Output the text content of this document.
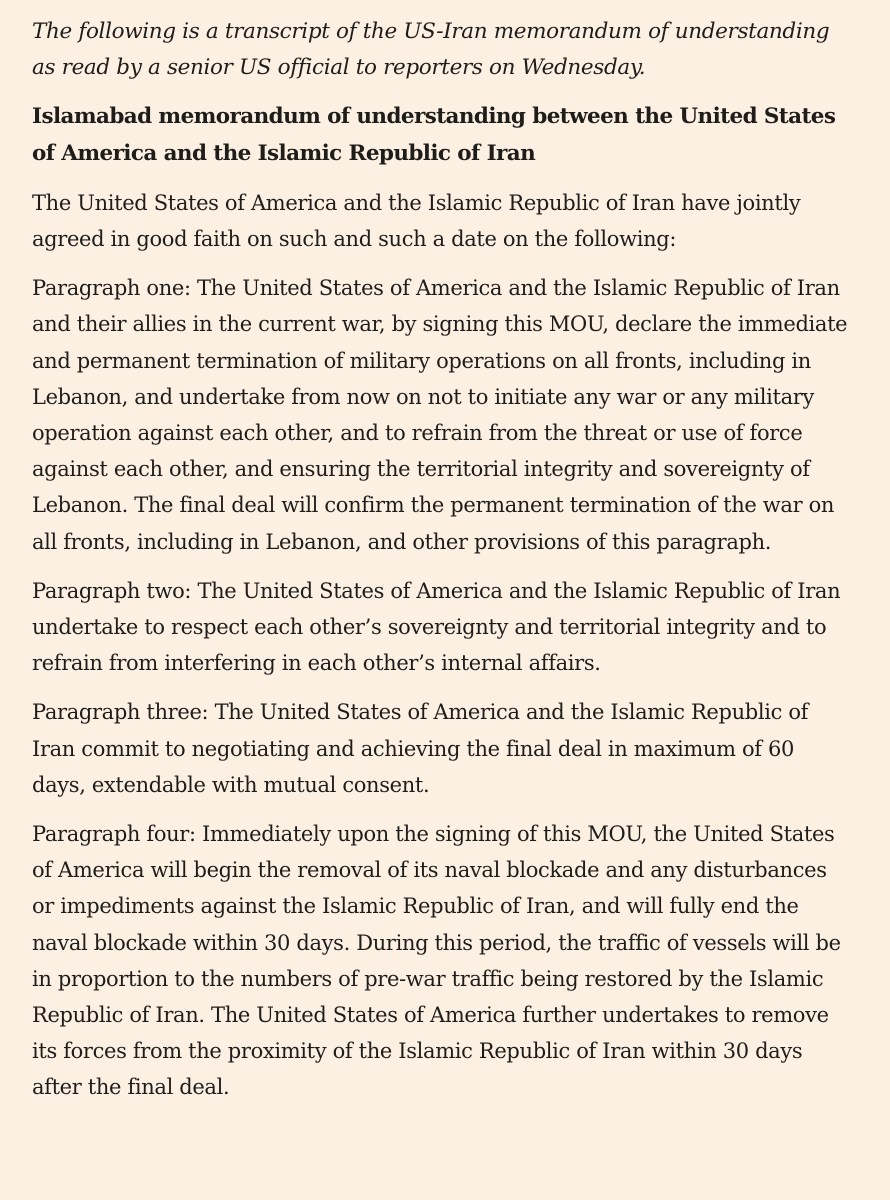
The following is a transcript of the US-Iran memorandum of understanding as read by a senior US official to reporters on Wednesday.

Islamabad memorandum of understanding between the United States of America and the Islamic Republic of Iran

The United States of America and the Islamic Republic of Iran have jointly agreed in good faith on such and such a date on the following:

Paragraph one: The United States of America and the Islamic Republic of Iran and their allies in the current war, by signing this MOU, declare the immediate and permanent termination of military operations on all fronts, including in Lebanon, and undertake from now on not to initiate any war or any military operation against each other, and to refrain from the threat or use of force against each other, and ensuring the territorial integrity and sovereignty of Lebanon. The final deal will confirm the permanent termination of the war on all fronts, including in Lebanon, and other provisions of this paragraph.

Paragraph two: The United States of America and the Islamic Republic of Iran undertake to respect each other’s sovereignty and territorial integrity and to refrain from interfering in each other’s internal affairs.

Paragraph three: The United States of America and the Islamic Republic of Iran commit to negotiating and achieving the final deal in maximum of 60 days, extendable with mutual consent.

Paragraph four: Immediately upon the signing of this MOU, the United States of America will begin the removal of its naval blockade and any disturbances or impediments against the Islamic Republic of Iran, and will fully end the naval blockade within 30 days. During this period, the traffic of vessels will be in proportion to the numbers of pre-war traffic being restored by the Islamic Republic of Iran. The United States of America further undertakes to remove its forces from the proximity of the Islamic Republic of Iran within 30 days after the final deal.
